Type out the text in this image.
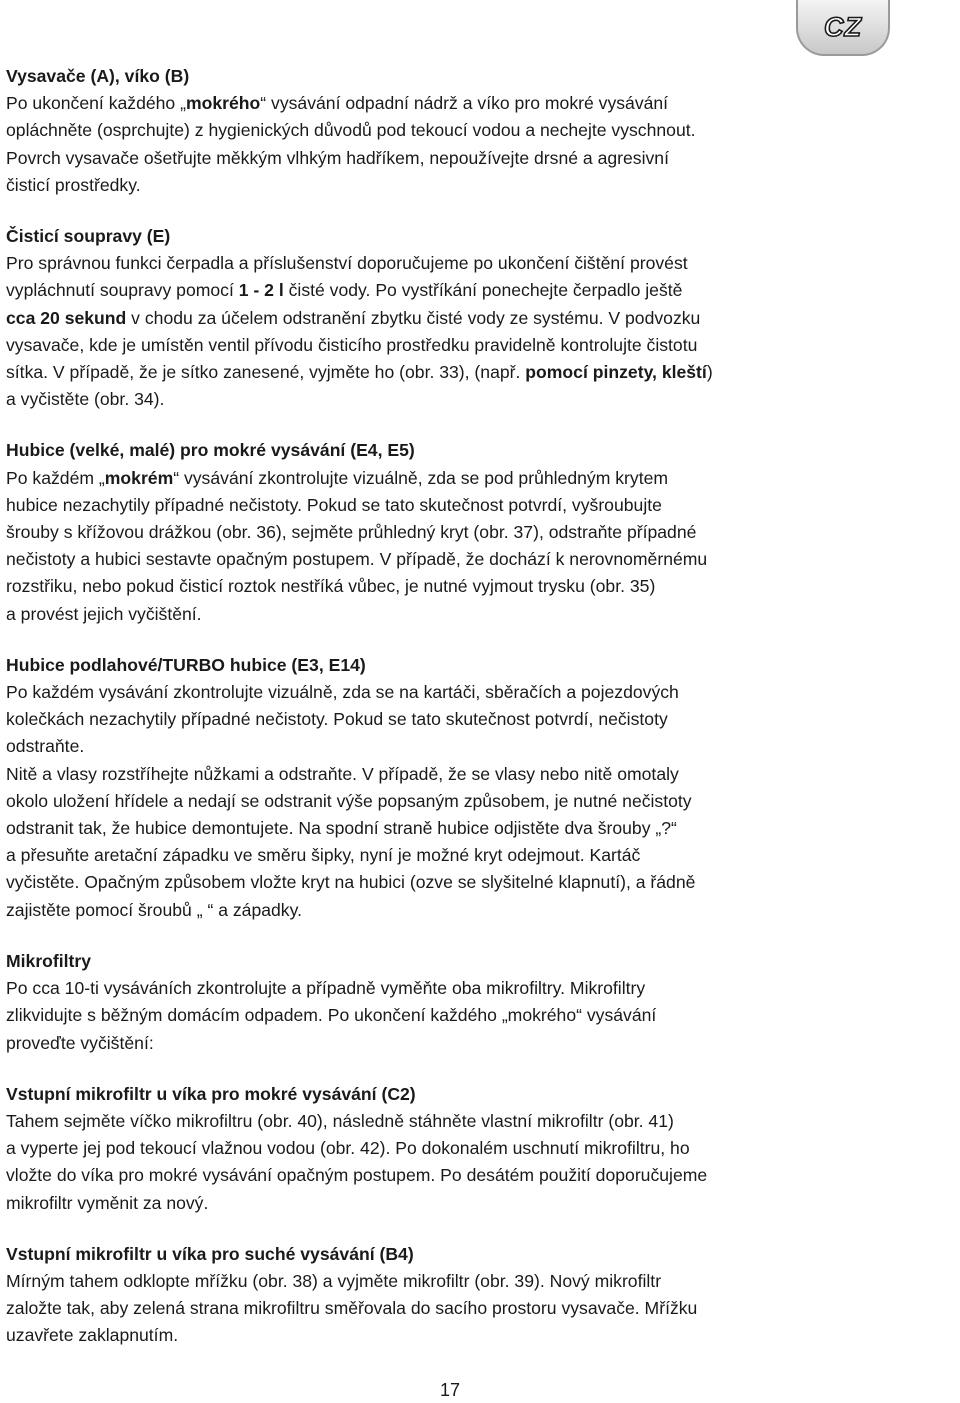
CZ

Vysavače (A), víko (B)

Po ukončení každého „mokrého“ vysávání odpadní nádrž a víko pro mokré vysávání

opláchněte (osprchujte) z hygienických důvodů pod tekoucí vodou a nechejte vyschnout.

Povrch vysavače ošetřujte měkkým vlhkým hadříkem, nepoužívejte drsné a agresivní

čisticí prostředky.

Čisticí soupravy (E)

Pro správnou funkci čerpadla a příslušenství doporučujeme po ukončení čištění provést

vypláchnutí soupravy pomocí 1 - 2 l čisté vody. Po vystříkání ponechejte čerpadlo ještě

cca 20 sekund v chodu za účelem odstranění zbytku čisté vody ze systému. V podvozku

vysavače, kde je umístěn ventil přívodu čisticího prostředku pravidelně kontrolujte čistotu

sítka. V případě, že je sítko zanesené, vyjměte ho (obr. 33), (např. pomocí pinzety, kleští)

a vyčistěte (obr. 34).

Hubice (velké, malé) pro mokré vysávání (E4, E5)

Po každém „mokrém“ vysávání zkontrolujte vizuálně, zda se pod průhledným krytem

hubice nezachytily případné nečistoty. Pokud se tato skutečnost potvrdí, vyšroubujte

šrouby s křížovou drážkou (obr. 36), sejměte průhledný kryt (obr. 37), odstraňte případné

nečistoty a hubici sestavte opačným postupem. V případě, že dochází k nerovnoměrnému

rozstřiku, nebo pokud čisticí roztok nestříká vůbec, je nutné vyjmout trysku (obr. 35)

a provést jejich vyčištění.

Hubice podlahové/TURBO hubice (E3, E14)

Po každém vysávání zkontrolujte vizuálně, zda se na kartáči, sběračích a pojezdových

kolečkách nezachytily případné nečistoty. Pokud se tato skutečnost potvrdí, nečistoty

odstraňte.

Nitě a vlasy rozstříhejte nůžkami a odstraňte. V případě, že se vlasy nebo nitě omotaly

okolo uložení hřídele a nedají se odstranit výše popsaným způsobem, je nutné nečistoty

odstranit tak, že hubice demontujete. Na spodní straně hubice odjistěte dva šrouby „?“

a přesuňte aretační západku ve směru šipky, nyní je možné kryt odejmout. Kartáč

vyčistěte. Opačným způsobem vložte kryt na hubici (ozve se slyšitelné klapnutí), a řádně

zajistěte pomocí šroubů „ “ a západky.

Mikrofiltry

Po cca 10-ti vysáváních zkontrolujte a případně vyměňte oba mikrofiltry. Mikrofiltry

zlikvidujte s běžným domácím odpadem. Po ukončení každého „mokrého“ vysávání

proveďte vyčištění:

Vstupní mikrofiltr u víka pro mokré vysávání (C2)

Tahem sejměte víčko mikrofiltru (obr. 40), následně stáhněte vlastní mikrofiltr (obr. 41)

a vyperte jej pod tekoucí vlažnou vodou (obr. 42). Po dokonalém uschnutí mikrofiltru, ho

vložte do víka pro mokré vysávání opačným postupem. Po desátém použití doporučujeme

mikrofiltr vyměnit za nový.

Vstupní mikrofiltr u víka pro suché vysávání (B4)

Mírným tahem odklopte mřížku (obr. 38) a vyjměte mikrofiltr (obr. 39). Nový mikrofiltr

založte tak, aby zelená strana mikrofiltru směřovala do sacího prostoru vysavače. Mřížku

uzavřete zaklapnutím.

17
